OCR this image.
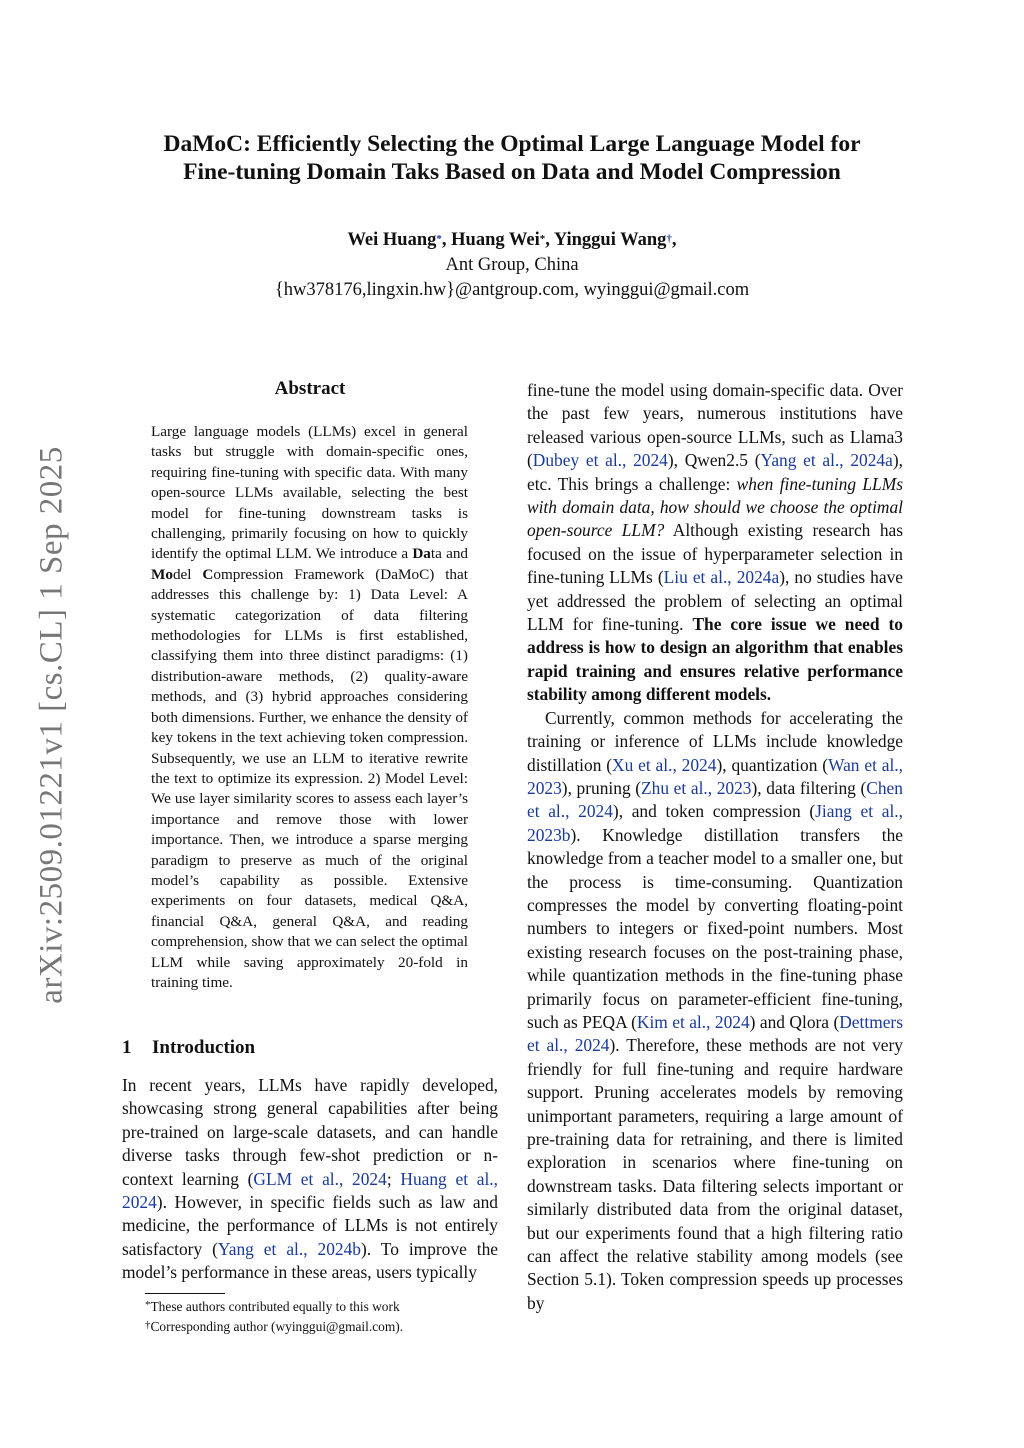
arXiv:2509.01221v1 [cs.CL] 1 Sep 2025
DaMoC: Efficiently Selecting the Optimal Large Language Model for
Fine-tuning Domain Taks Based on Data and Model Compression
Wei Huang*, Huang Wei*, Yinggui Wang†,
Ant Group, China
{hw378176,lingxin.hw}@antgroup.com, wyinggui@gmail.com
Abstract
Large language models (LLMs) excel in general tasks but struggle with domain-specific ones, requiring fine-tuning with specific data. With many open-source LLMs available, selecting the best model for fine-tuning downstream tasks is challenging, primarily focusing on how to quickly identify the optimal LLM. We introduce a Data and Model Compression Framework (DaMoC) that addresses this challenge by: 1) Data Level: A systematic categorization of data filtering methodologies for LLMs is first established, classifying them into three distinct paradigms: (1) distribution-aware methods, (2) quality-aware methods, and (3) hybrid approaches considering both dimensions. Further, we enhance the density of key tokens in the text achieving token compression. Subsequently, we use an LLM to iterative rewrite the text to optimize its expression. 2) Model Level: We use layer similarity scores to assess each layer’s importance and remove those with lower importance. Then, we introduce a sparse merging paradigm to preserve as much of the original model’s capability as possible. Extensive experiments on four datasets, medical Q&A, financial Q&A, general Q&A, and reading comprehension, show that we can select the optimal LLM while saving approximately 20-fold in training time.
1 Introduction
In recent years, LLMs have rapidly developed, showcasing strong general capabilities after being pre-trained on large-scale datasets, and can handle diverse tasks through few-shot prediction or n-context learning (GLM et al., 2024; Huang et al., 2024). However, in specific fields such as law and medicine, the performance of LLMs is not entirely satisfactory (Yang et al., 2024b). To improve the model’s performance in these areas, users typically
*These authors contributed equally to this work
†Corresponding author (wyinggui@gmail.com).

fine-tune the model using domain-specific data. Over the past few years, numerous institutions have released various open-source LLMs, such as Llama3 (Dubey et al., 2024), Qwen2.5 (Yang et al., 2024a), etc. This brings a challenge: when fine-tuning LLMs with domain data, how should we choose the optimal open-source LLM? Although existing research has focused on the issue of hyperparameter selection in fine-tuning LLMs (Liu et al., 2024a), no studies have yet addressed the problem of selecting an optimal LLM for fine-tuning. The core issue we need to address is how to design an algorithm that enables rapid training and ensures relative performance stability among different models.

Currently, common methods for accelerating the training or inference of LLMs include knowledge distillation (Xu et al., 2024), quantization (Wan et al., 2023), pruning (Zhu et al., 2023), data filtering (Chen et al., 2024), and token compression (Jiang et al., 2023b). Knowledge distillation transfers the knowledge from a teacher model to a smaller one, but the process is time-consuming. Quantization compresses the model by converting floating-point numbers to integers or fixed-point numbers. Most existing research focuses on the post-training phase, while quantization methods in the fine-tuning phase primarily focus on parameter-efficient fine-tuning, such as PEQA (Kim et al., 2024) and Qlora (Dettmers et al., 2024). Therefore, these methods are not very friendly for full fine-tuning and require hardware support. Pruning accelerates models by removing unimportant parameters, requiring a large amount of pre-training data for retraining, and there is limited exploration in scenarios where fine-tuning on downstream tasks. Data filtering selects important or similarly distributed data from the original dataset, but our experiments found that a high filtering ratio can affect the relative stability among models (see Section 5.1). Token compression speeds up processes by
